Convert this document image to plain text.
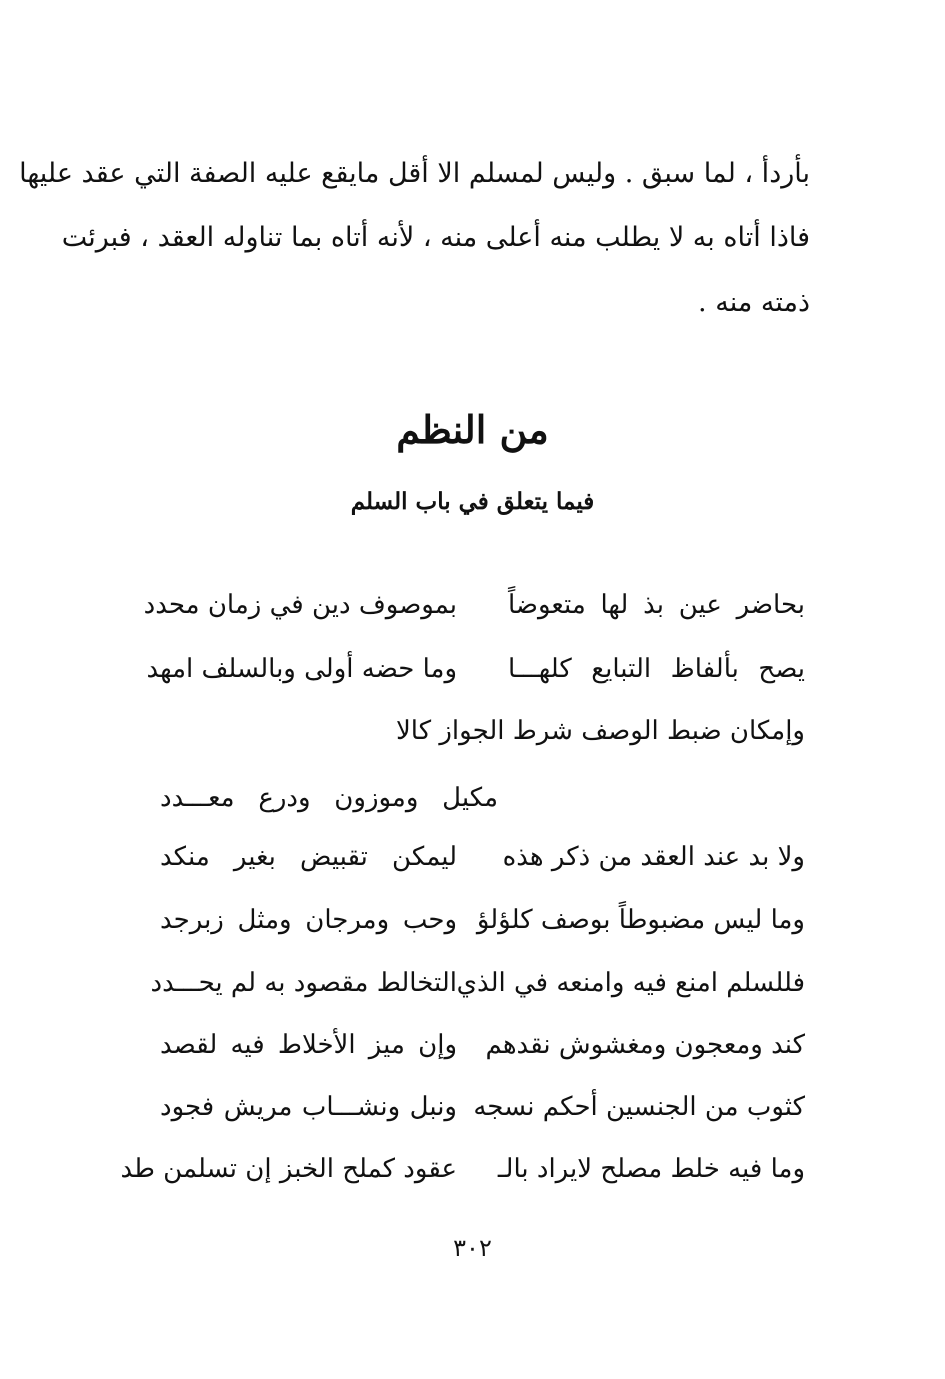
بأردأ ، لما سبق . وليس لمسلم الا أقل مايقع عليه الصفة التي عقد عليها
فاذا أتاه به لا يطلب منه أعلى منه ، لأنه أتاه بما تناوله العقد ، فبرئت
ذمته منه .
من النظم
فيما يتعلق في باب السلم
بحاضر عين بذ لها متعوضاً
بموصوف دين في زمان محدد
يصح بألفاظ التبايع كلهـــا
وما حضه أولى وبالسلف امهد
وإمكان ضبط الوصف شرط الجواز كالا
مكيل وموزون ودرع معـــدد
ولا بد عند العقد من ذكر هذه
ليمكن تقبيض بغير منكد
وما ليس مضبوطاً بوصف كلؤلؤ
وحب ومرجان ومثل زبرجد
فللسلم امنع فيه وامنعه في الذي
التخالط مقصود به لم يحـــدد
كند ومعجون ومغشوش نقدهم
وإن ميز الأخلاط فيه لقصد
كثوب من الجنسين أحكم نسجه
ونبل ونشـــاب مريش فجود
وما فيه خلط مصلح لايراد بالـ
عقود كملح الخبز إن تسلمن طد
٣٠٢
